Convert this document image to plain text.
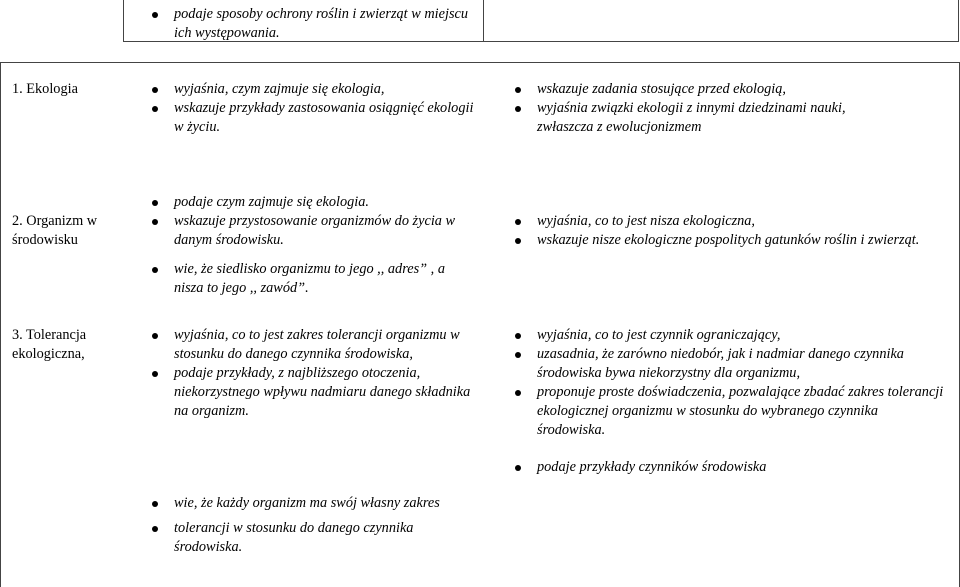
podaje sposoby ochrony roślin i zwierząt w miejscu ich występowania.
1. Ekologia	wyjaśnia, czym zajmuje się ekologia,
wskazuje przykłady zastosowania osiągnięć ekologii w życiu.
wskazuje zadania stosujące przed ekologią,
wyjaśnia związki ekologii z innymi dziedzinami nauki, zwłaszcza z ewolucjonizmem
2. Organizm w środowisku
podaje czym zajmuje się ekologia.
wskazuje przystosowanie organizmów do życia w danym środowisku.
wie, że siedlisko organizmu to jego ,, adres” , a nisza to jego ,, zawód”.
wyjaśnia, co to jest nisza ekologiczna,
wskazuje nisze ekologiczne pospolitych gatunków roślin i zwierząt.
3. Tolerancja ekologiczna,
wyjaśnia, co to jest zakres tolerancji organizmu w stosunku do danego czynnika środowiska,
podaje przykłady, z najbliższego otoczenia, niekorzystnego wpływu nadmiaru danego składnika na organizm.
wie, że każdy organizm ma swój własny zakres
tolerancji w stosunku do danego czynnika środowiska.
wyjaśnia, co to jest czynnik ograniczający,
uzasadnia, że zarówno niedobór, jak i nadmiar danego czynnika środowiska bywa niekorzystny dla organizmu,
proponuje proste doświadczenia, pozwalające zbadać zakres tolerancji ekologicznej organizmu w stosunku do wybranego czynnika środowiska.
podaje przykłady czynników środowiska
